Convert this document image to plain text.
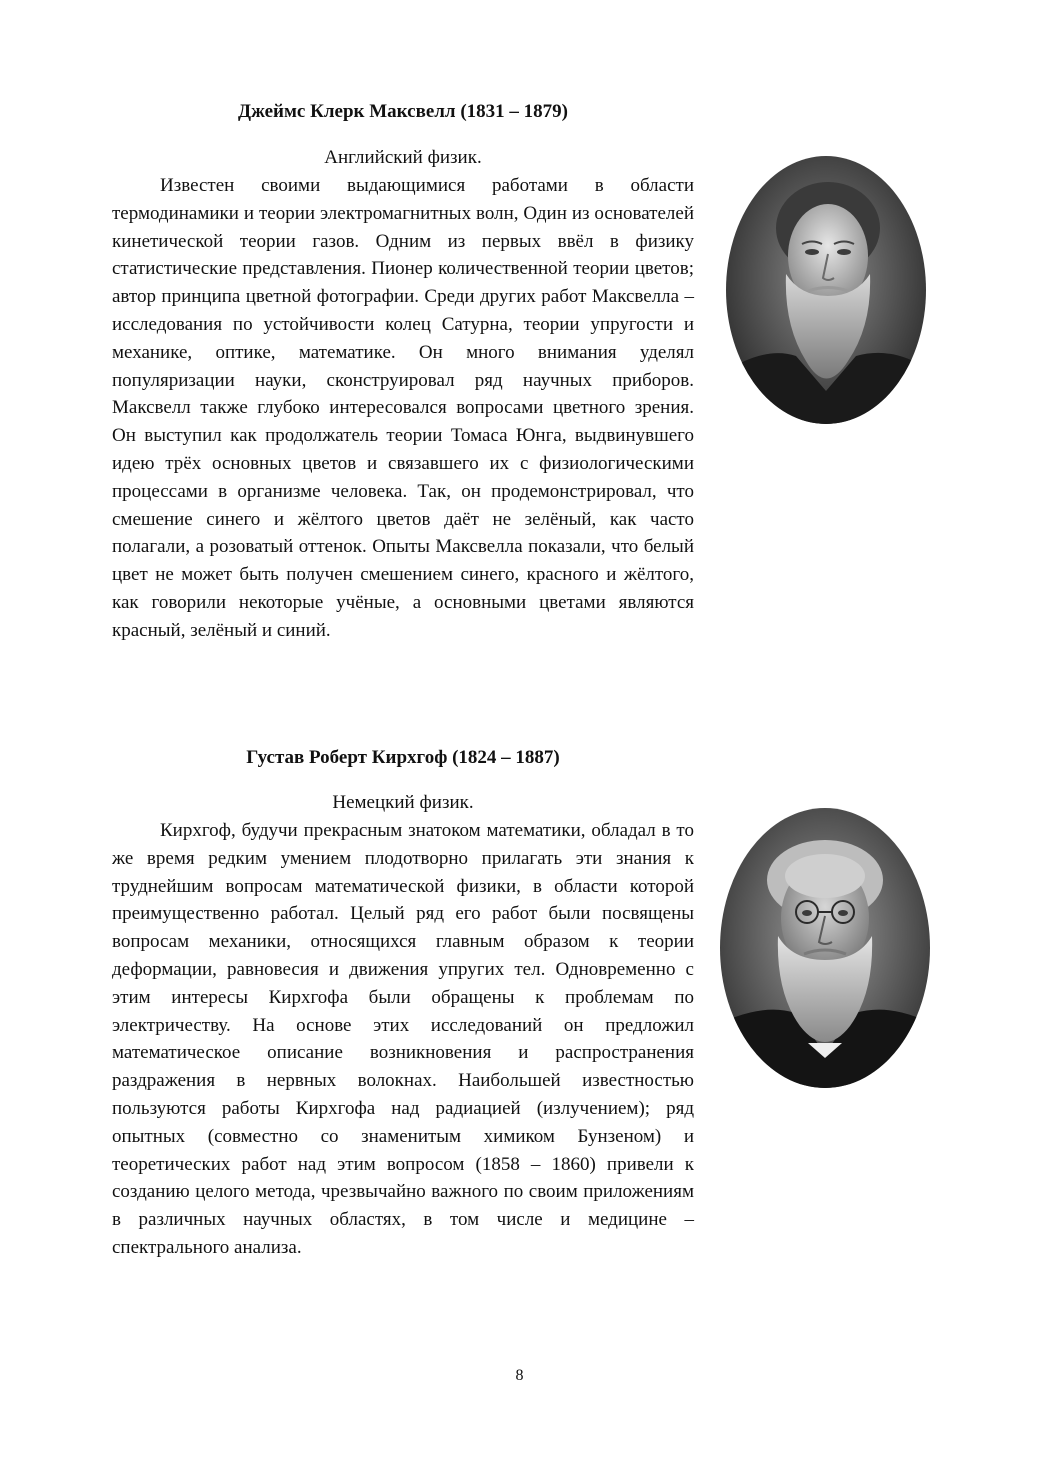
Джеймс Клерк Максвелл (1831 – 1879)
Английский физик.

Известен своими выдающимися работами в области термодинамики и теории электромагнитных волн, Один из основателей кинетической теории газов. Одним из первых ввёл в физику статистические представления. Пионер количественной теории цветов; автор принципа цветной фотографии. Среди других работ Максвелла – исследования по устойчивости колец Сатурна, теории упругости и механике, оптике, математике. Он много внимания уделял популяризации науки, сконструировал ряд научных приборов. Максвелл также глубоко интересовался вопросами цветного зрения. Он выступил как продолжатель теории Томаса Юнга, выдвинувшего идею трёх основных цветов и связавшего их с физиологическими процессами в организме человека. Так, он продемонстрировал, что смешение синего и жёлтого цветов даёт не зелёный, как часто полагали, а розоватый оттенок. Опыты Максвелла показали, что белый цвет не может быть получен смешением синего, красного и жёлтого, как говорили некоторые учёные, а основными цветами являются красный, зелёный и синий.

Густав Роберт Кирхгоф (1824 – 1887)
Немецкий физик.

Кирхгоф, будучи прекрасным знатоком математики, обладал в то же время редким умением плодотворно прилагать эти знания к труднейшим вопросам математической физики, в области которой преимущественно работал. Целый ряд его работ были посвящены вопросам механики, относящихся главным образом к теории деформации, равновесия и движения упругих тел. Одновременно с этим интересы Кирхгофа были обращены к проблемам по электричеству. На основе этих исследований он предложил математическое описание возникновения и распространения раздражения в нервных волокнах. Наибольшей известностью пользуются работы Кирхгофа над радиацией (излучением); ряд опытных (совместно со знаменитым химиком Бунзеном) и теоретических работ над этим вопросом (1858 – 1860) привели к созданию целого метода, чрезвычайно важного по своим приложениям в различных научных областях, в том числе и медицине – спектрального анализа.

8
